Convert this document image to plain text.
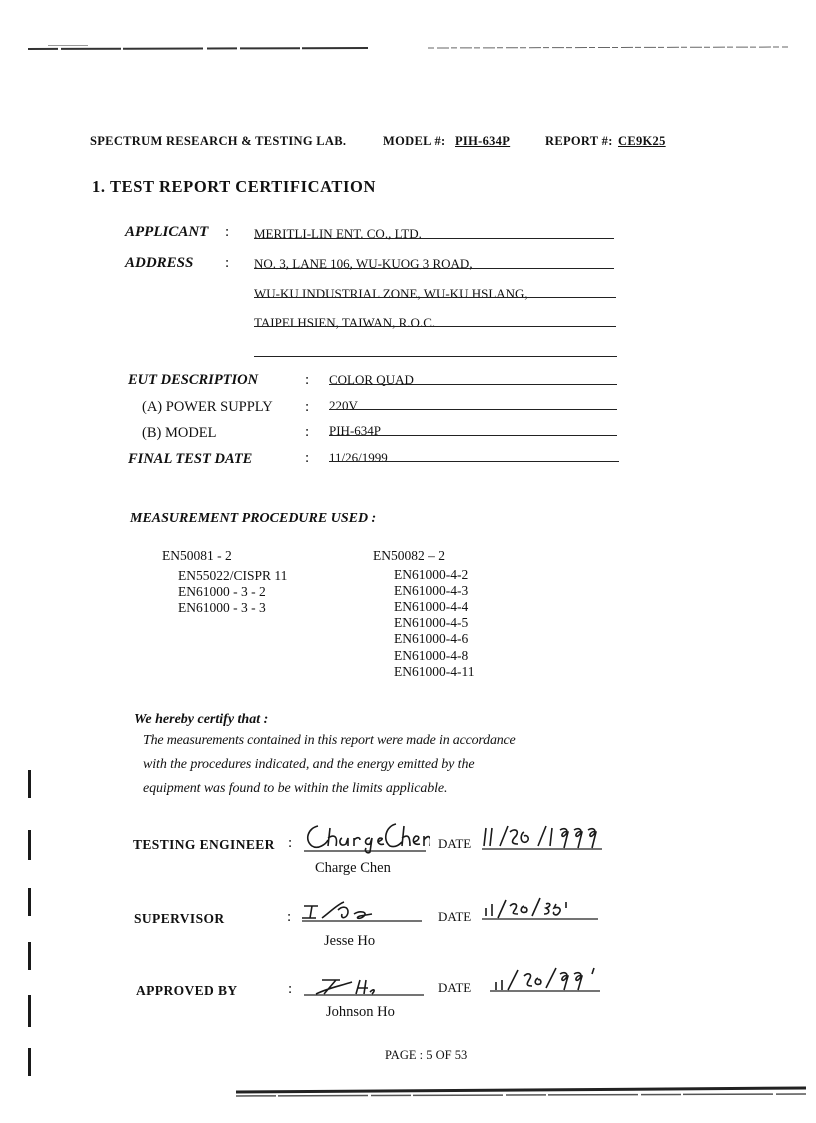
SPECTRUM RESEARCH & TESTING LAB.	MODEL #: PIH-634P	REPORT #: CE9K25
1. TEST REPORT CERTIFICATION
APPLICANT : MERITLI-LIN ENT. CO., LTD.
ADDRESS : NO. 3, LANE 106, WU-KUOG 3 ROAD,
WU-KU INDUSTRIAL ZONE, WU-KU HSLANG,
TAIPEI HSIEN, TAIWAN, R.O.C.
EUT DESCRIPTION	: COLOR QUAD
(A) POWER SUPPLY : 220V
(B) MODEL	: PIH-634P
FINAL TEST DATE	: 11/26/1999
MEASUREMENT PROCEDURE USED :
EN50081 - 2
EN55022/CISPR 11
EN61000 - 3 - 2
EN61000 - 3 - 3
EN50082 – 2
EN61000-4-2
EN61000-4-3
EN61000-4-4
EN61000-4-5
EN61000-4-6
EN61000-4-8
EN61000-4-11
We hereby certify that :
The measurements contained in this report were made in accordance
with the procedures indicated, and the energy emitted by the
equipment was found to be within the limits applicable.
TESTING ENGINEER :	DATE
Charge Chen
SUPERVISOR	:	DATE
Jesse Ho
APPROVED BY	:	DATE
Johnson Ho
PAGE : 5 OF 53
